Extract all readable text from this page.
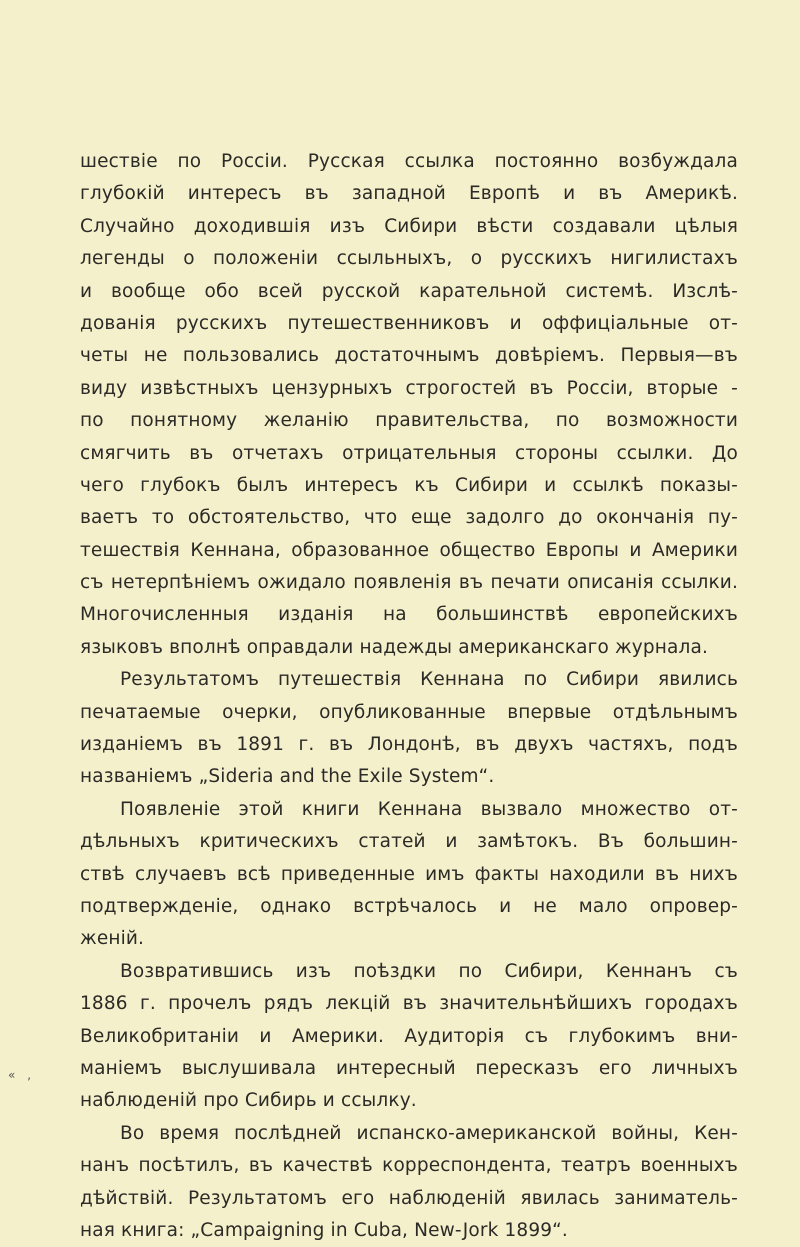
шествіе по Россіи. Русская ссылка постоянно возбуждала
глубокій интересъ въ западной Европѣ и въ Америкѣ.
Случайно доходившія изъ Сибири вѣсти создавали цѣлыя
легенды о положеніи ссыльныхъ, о русскихъ нигилистахъ
и вообще обо всей русской карательной системѣ. Изслѣ-
дованія русскихъ путешественниковъ и оффиціальные от-
четы не пользовались достаточнымъ довѣріемъ. Первыя—въ
виду извѣстныхъ цензурныхъ строгостей въ Россіи, вторые -
по понятному желанію правительства, по возможности
смягчить въ отчетахъ отрицательныя стороны ссылки. До
чего глубокъ былъ интересъ къ Сибири и ссылкѣ показы-
ваетъ то обстоятельство, что еще задолго до окончанія пу-
тешествія Кеннана, образованное общество Европы и Америки
съ нетерпѣніемъ ожидало появленія въ печати описанія ссылки.
Многочисленныя изданія на большинствѣ европейскихъ
языковъ вполнѣ оправдали надежды американскаго журнала.
Результатомъ путешествія Кеннана по Сибири явились
печатаемые очерки, опубликованные впервые отдѣльнымъ
изданіемъ въ 1891 г. въ Лондонѣ, въ двухъ частяхъ, подъ
названіемъ „Sideria and the Exile System“.
Появленіе этой книги Кеннана вызвало множество от-
дѣльныхъ критическихъ статей и замѣтокъ. Въ большин-
ствѣ случаевъ всѣ приведенные имъ факты находили въ нихъ
подтвержденіе, однако встрѣчалось и не мало опровер-
женій.
Возвратившись изъ поѣздки по Сибири, Кеннанъ съ
1886 г. прочелъ рядъ лекцій въ значительнѣйшихъ городахъ
Великобританіи и Америки. Аудиторія съ глубокимъ вни-
маніемъ выслушивала интересный пересказъ его личныхъ
наблюденій про Сибирь и ссылку.
Во время послѣдней испанско-американской войны, Кен-
нанъ посѣтилъ, въ качествѣ корреспондента, театръ военныхъ
дѣйствій. Результатомъ его наблюденій явилась заниматель-
ная книга: „Campaigning in Cuba, New-Jork 1899“.
« ‚
